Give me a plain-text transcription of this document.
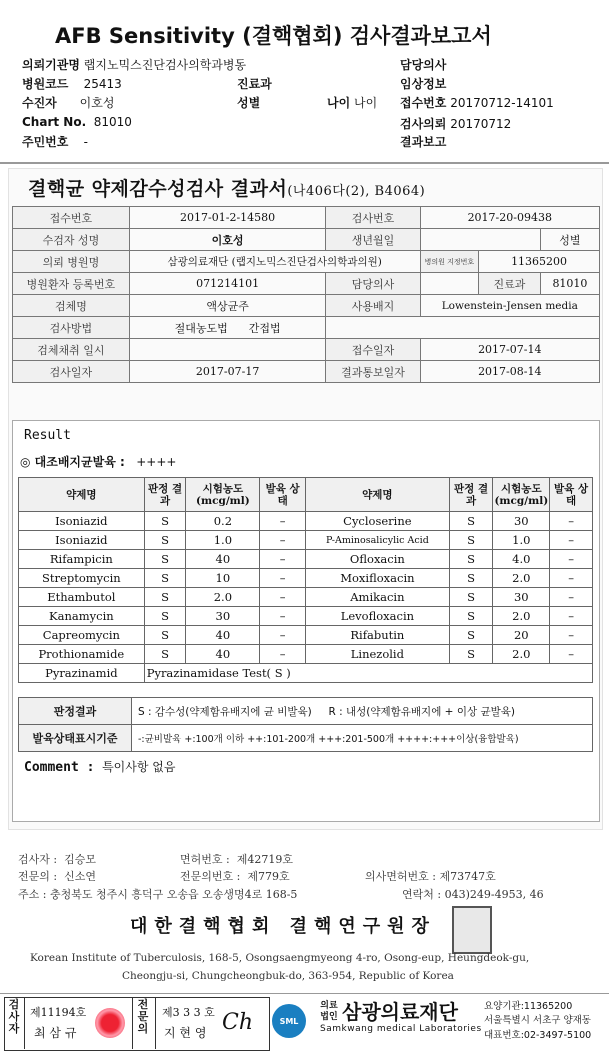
AFB Sensitivity (결핵협회) 검사결과보고서
의뢰기관명 랩지노믹스진단검사의학과병동	담당의사
병원코드 25413	진료과	임상정보
수진자 이호성	성별	나이 나이 접수번호 20170712-14101
Chart No. 81010	검사의뢰 20170712
주민번호 -	결과보고
결핵균 약제감수성검사 결과서(나406다(2), B4064)
접수번호	2017-01-2-14580	검사번호	2017-20-09438		
수검자 성명	이호성	생년월일			성별
의뢰 병원명	삼광의료재단 (랩지노믹스진단검사의학과의원)		병의원 지정번호	11365200	
병원환자 등록번호	071214101	담당의사		진료과	81010
검체명	액상균주	사용배지	Lowenstein-Jensen media		
검사방법	절대농도법 간접법				
검체채취 일시		접수일자	2017-07-14		
검사일자	2017-07-17	결과통보일자	2017-08-14		
Result
◎ 대조배지균발육 : ++++
약제명	판정 결과	시험농도 (mcg/ml)	발육 상태	약제명	판정 결과	시험농도 (mcg/ml)	발육 상태
Isoniazid	S	0.2	–	Cycloserine	S	30	–
Isoniazid	S	1.0	–	P-Aminosalicylic Acid	S	1.0	–
Rifampicin	S	40	–	Ofloxacin	S	4.0	–
Streptomycin	S	10	–	Moxifloxacin	S	2.0	–
Ethambutol	S	2.0	–	Amikacin	S	30	–
Kanamycin	S	30	–	Levofloxacin	S	2.0	–
Capreomycin	S	40	–	Rifabutin	S	20	–
Prothionamide	S	40	–	Linezolid	S	2.0	–
Pyrazinamid	Pyrazinamidase Test( S )						
판정결과	S : 감수성(약제함유배지에 균 비발육) R : 내성(약제함유배지에 + 이상 균발육)
발육상태표시기준	-:균비발육 +:100개 이하 ++:101-200개 +++:201-500개 ++++:+++이상(융합발육)
Comment : 특이사항 없음
검사자 : 김승모	면허번호 : 제42719호
전문의 : 신소연	전문의번호 : 제779호	의사면허번호 : 제73747호
주소 : 충청북도 청주시 흥덕구 오송읍 오송생명4로 168-5	연락처 : 043)249-4953, 46
대한결핵협회 결핵연구원장
Korean Institute of Tuberculosis, 168-5, Osongsaengmyeong 4-ro, Osong-eup, Heungdeok-gu,
Cheongju-si, Chungcheongbuk-do, 363-954, Republic of Korea
검사자
제11194호
최 삼 규
전문의
제3 3 3 호
지 현 영 Ch	SML
의료법인 삼광의료재단
Samkwang medical Laboratories
요양기관:11365200
서울특별시 서초구 양재동
대표번호:02-3497-5100
